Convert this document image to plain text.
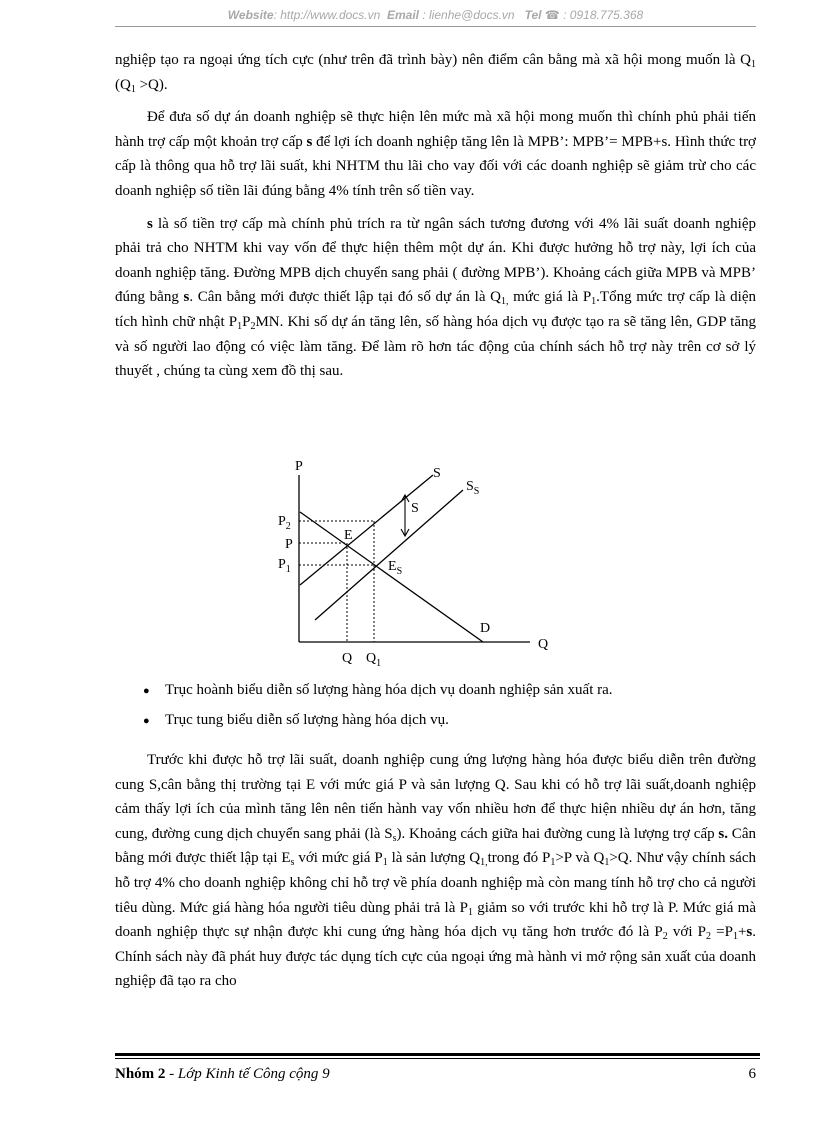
Website: http://www.docs.vn Email : lienhe@docs.vn Tel ☎ : 0918.775.368

nghiệp tạo ra ngoại ứng tích cực (như trên đã trình bày) nên điểm cân bằng mà xã hội mong muốn là $Q_1$ $(Q_1 >Q)$.

Để đưa số dự án doanh nghiệp sẽ thực hiện lên mức mà xã hội mong muốn thì chính phủ phải tiến hành trợ cấp một khoản trợ cấp s để lợi ích doanh nghiệp tăng lên là MPB’: MPB’= MPB+s. Hình thức trợ cấp là thông qua hỗ trợ lãi suất, khi NHTM thu lãi cho vay đối với các doanh nghiệp sẽ giảm trừ cho các doanh nghiệp số tiền lãi đúng bằng 4% tính trên số tiền vay.

s là số tiền trợ cấp mà chính phủ trích ra từ ngân sách tương đương với 4% lãi suất doanh nghiệp phải trả cho NHTM khi vay vốn để thực hiện thêm một dự án. Khi được hưởng hỗ trợ này, lợi ích của doanh nghiệp tăng. Đường MPB dịch chuyển sang phải ( đường MPB’). Khoảng cách giữa MPB và MPB’ đúng bằng s. Cân bằng mới được thiết lập tại đó số dự án là $Q_{1,}$ mức giá là $P_1.Tổng$ mức trợ cấp là diện tích hình chữ nhật $P_1P_2MN$. Khi số dự án tăng lên, số hàng hóa dịch vụ được tạo ra sẽ tăng lên, GDP tăng và số người lao động có việc làm tăng. Để làm rõ hơn tác động của chính sách hỗ trợ này trên cơ sở lý thuyết , chúng ta cùng xem đồ thị sau.

P
Q
S
$S_S$
S
D
E
$E_S$
$P_2$
P
$P_1$
Q $Q_1$
● Trục hoành biểu diễn số lượng hàng hóa dịch vụ doanh nghiệp sản xuất ra.
● Trục tung biểu diễn số lượng hàng hóa dịch vụ.

Trước khi được hỗ trợ lãi suất, doanh nghiệp cung ứng lượng hàng hóa được biểu diễn trên đường cung S,cân bằng thị trường tại E với mức giá P và sản lượng Q. Sau khi có hỗ trợ lãi suất,doanh nghiệp cảm thấy lợi ích của mình tăng lên nên tiến hành vay vốn nhiều hơn để thực hiện nhiều dự án hơn, tăng cung, đường cung dịch chuyển sang phải (là $S_s$). Khoảng cách giữa hai đường cung là lượng trợ cấp s. Cân bằng mới được thiết lập tại $E_s$ với mức giá $P_1$ là sản lượng $Q_{1,}trong$ đó $P_1>P$ và $Q_1>Q$. Như vậy chính sách hỗ trợ 4% cho doanh nghiệp không chỉ hỗ trợ về phía doanh nghiệp mà còn mang tính hỗ trợ cho cả người tiêu dùng. Mức giá hàng hóa người tiêu dùng phải trả là $P_1$ giảm so với trước khi hỗ trợ là P. Mức giá mà doanh nghiệp thực sự nhận được khi cung ứng hàng hóa dịch vụ tăng hơn trước đó là $P_2$ với $P_2 =P_1+s$. Chính sách này đã phát huy được tác dụng tích cực của ngoại ứng mà hành vi mở rộng sản xuất của doanh nghiệp đã tạo ra cho

Nhóm 2 - Lớp Kinh tế Công cộng 9	6
